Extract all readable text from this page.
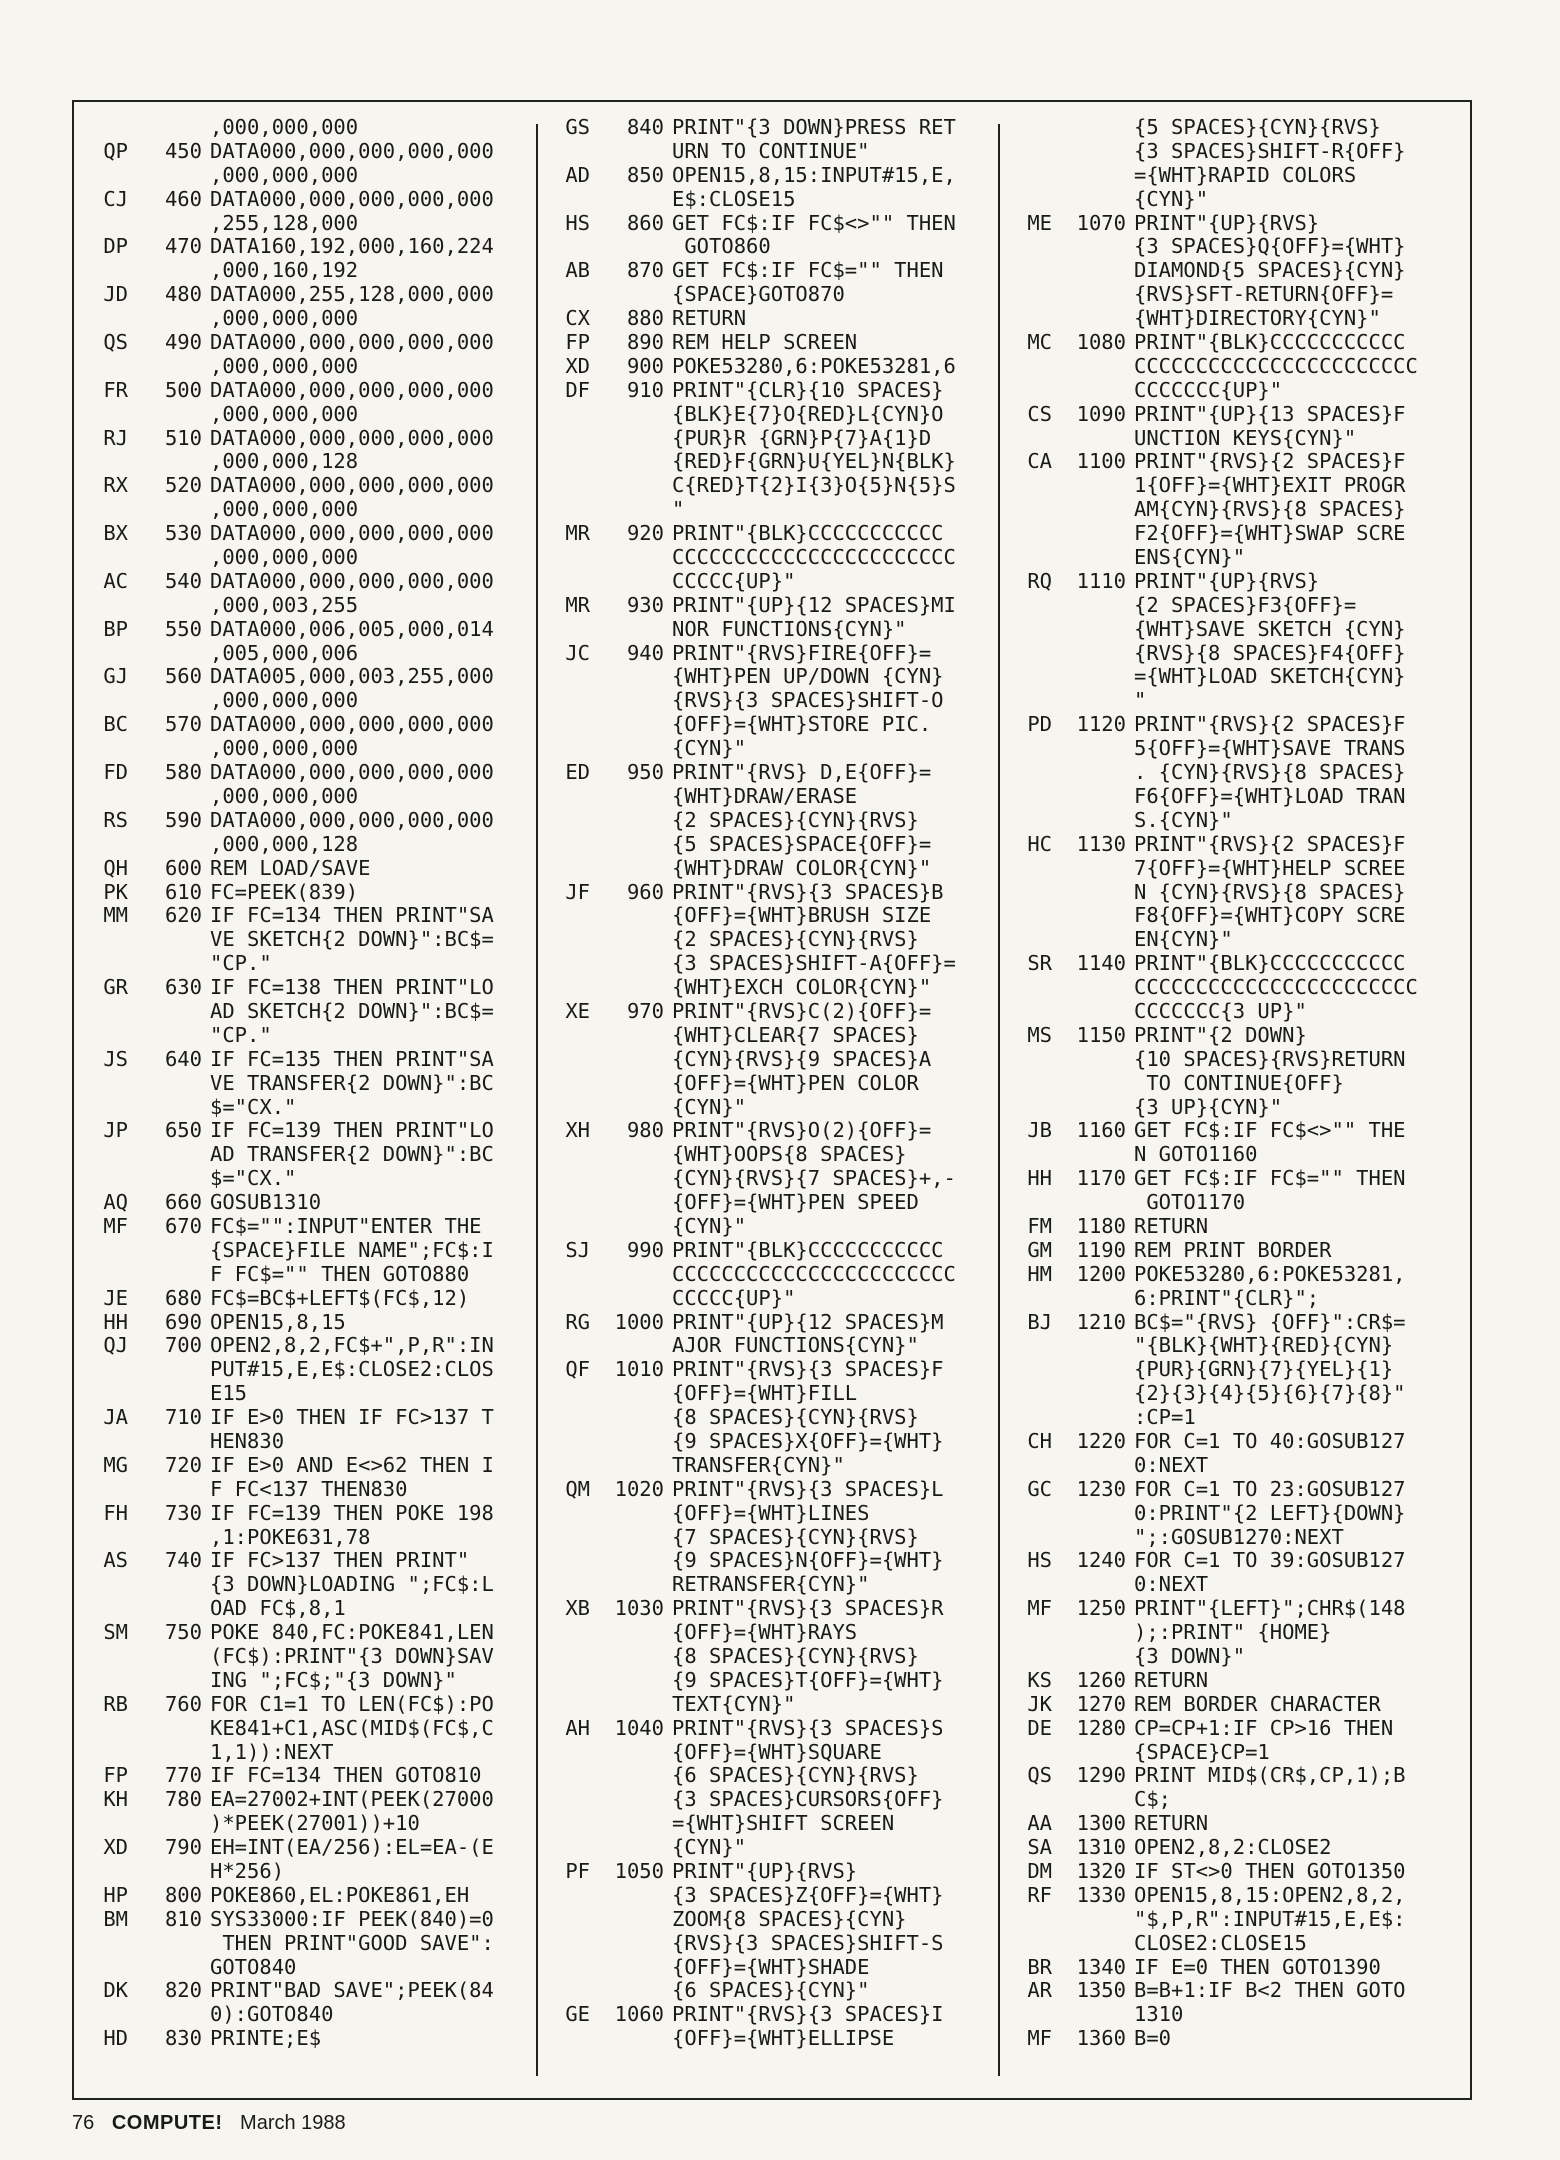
,000,000,000
QP	450 DATA000,000,000,000,000
,000,000,000
CJ	460 DATA000,000,000,000,000
,255,128,000
DP	470 DATA160,192,000,160,224
,000,160,192
JD	480 DATA000,255,128,000,000
,000,000,000
QS	490 DATA000,000,000,000,000
,000,000,000
FR	500 DATA000,000,000,000,000
,000,000,000
RJ	510 DATA000,000,000,000,000
,000,000,128
RX	520 DATA000,000,000,000,000
,000,000,000
BX	530 DATA000,000,000,000,000
,000,000,000
AC	540 DATA000,000,000,000,000
,000,003,255
BP	550 DATA000,006,005,000,014
,005,000,006
GJ	560 DATA005,000,003,255,000
,000,000,000
BC	570 DATA000,000,000,000,000
,000,000,000
FD	580 DATA000,000,000,000,000
,000,000,000
RS	590 DATA000,000,000,000,000
,000,000,128
QH	600 REM LOAD/SAVE
PK	610 FC=PEEK(839)
MM	620 IF FC=134 THEN PRINT"SA
VE SKETCH{2 DOWN}":BC$=
"CP."
GR	630 IF FC=138 THEN PRINT"LO
AD SKETCH{2 DOWN}":BC$=
"CP."
JS	640 IF FC=135 THEN PRINT"SA
VE TRANSFER{2 DOWN}":BC
$="CX."
JP	650 IF FC=139 THEN PRINT"LO
AD TRANSFER{2 DOWN}":BC
$="CX."
AQ	660 GOSUB1310
MF	670 FC$="":INPUT"ENTER THE
{SPACE}FILE NAME";FC$:I
F FC$="" THEN GOTO880
JE	680 FC$=BC$+LEFT$(FC$,12)
HH	690 OPEN15,8,15
QJ	700 OPEN2,8,2,FC$+",P,R":IN
PUT#15,E,E$:CLOSE2:CLOS
E15
JA	710 IF E>0 THEN IF FC>137 T
HEN830
MG	720 IF E>0 AND E<>62 THEN I
F FC<137 THEN830
FH	730 IF FC=139 THEN POKE 198
,1:POKE631,78
AS	740 IF FC>137 THEN PRINT"
{3 DOWN}LOADING ";FC$:L
OAD FC$,8,1
SM	750 POKE 840,FC:POKE841,LEN
(FC$):PRINT"{3 DOWN}SAV
ING ";FC$;"{3 DOWN}"
RB	760 FOR C1=1 TO LEN(FC$):PO
KE841+C1,ASC(MID$(FC$,C
1,1)):NEXT
FP	770 IF FC=134 THEN GOTO810
KH	780 EA=27002+INT(PEEK(27000
)*PEEK(27001))+10
XD	790 EH=INT(EA/256):EL=EA-(E
H*256)
HP	800 POKE860,EL:POKE861,EH
BM	810 SYS33000:IF PEEK(840)=0
THEN PRINT"GOOD SAVE":
GOTO840
DK	820 PRINT"BAD SAVE";PEEK(84
0):GOTO840
HD	830 PRINTE;E$
GS	840 PRINT"{3 DOWN}PRESS RET
URN TO CONTINUE"
AD	850 OPEN15,8,15:INPUT#15,E,
E$:CLOSE15
HS	860 GET FC$:IF FC$<>"" THEN
GOTO860
AB	870 GET FC$:IF FC$="" THEN
{SPACE}GOTO870
CX	880 RETURN
FP	890 REM HELP SCREEN
XD	900 POKE53280,6:POKE53281,6
DF	910 PRINT"{CLR}{10 SPACES}
{BLK}E{7}O{RED}L{CYN}O
{PUR}R {GRN}P{7}A{1}D
{RED}F{GRN}U{YEL}N{BLK}
C{RED}T{2}I{3}O{5}N{5}S
"
MR	920 PRINT"{BLK}CCCCCCCCCCC
CCCCCCCCCCCCCCCCCCCCCCC
CCCCC{UP}"
MR	930 PRINT"{UP}{12 SPACES}MI
NOR FUNCTIONS{CYN}"
JC	940 PRINT"{RVS}FIRE{OFF}=
{WHT}PEN UP/DOWN {CYN}
{RVS}{3 SPACES}SHIFT-O
{OFF}={WHT}STORE PIC.
{CYN}"
ED	950 PRINT"{RVS} D,E{OFF}=
{WHT}DRAW/ERASE
{2 SPACES}{CYN}{RVS}
{5 SPACES}SPACE{OFF}=
{WHT}DRAW COLOR{CYN}"
JF	960 PRINT"{RVS}{3 SPACES}B
{OFF}={WHT}BRUSH SIZE
{2 SPACES}{CYN}{RVS}
{3 SPACES}SHIFT-A{OFF}=
{WHT}EXCH COLOR{CYN}"
XE	970 PRINT"{RVS}C(2){OFF}=
{WHT}CLEAR{7 SPACES}
{CYN}{RVS}{9 SPACES}A
{OFF}={WHT}PEN COLOR
{CYN}"
XH	980 PRINT"{RVS}O(2){OFF}=
{WHT}OOPS{8 SPACES}
{CYN}{RVS}{7 SPACES}+,-
{OFF}={WHT}PEN SPEED
{CYN}"
SJ	990 PRINT"{BLK}CCCCCCCCCCC
CCCCCCCCCCCCCCCCCCCCCCC
CCCCC{UP}"
RG	1000 PRINT"{UP}{12 SPACES}M
AJOR FUNCTIONS{CYN}"
QF	1010 PRINT"{RVS}{3 SPACES}F
{OFF}={WHT}FILL
{8 SPACES}{CYN}{RVS}
{9 SPACES}X{OFF}={WHT}
TRANSFER{CYN}"
QM	1020 PRINT"{RVS}{3 SPACES}L
{OFF}={WHT}LINES
{7 SPACES}{CYN}{RVS}
{9 SPACES}N{OFF}={WHT}
RETRANSFER{CYN}"
XB	1030 PRINT"{RVS}{3 SPACES}R
{OFF}={WHT}RAYS
{8 SPACES}{CYN}{RVS}
{9 SPACES}T{OFF}={WHT}
TEXT{CYN}"
AH	1040 PRINT"{RVS}{3 SPACES}S
{OFF}={WHT}SQUARE
{6 SPACES}{CYN}{RVS}
{3 SPACES}CURSORS{OFF}
={WHT}SHIFT SCREEN
{CYN}"
PF	1050 PRINT"{UP}{RVS}
{3 SPACES}Z{OFF}={WHT}
ZOOM{8 SPACES}{CYN}
{RVS}{3 SPACES}SHIFT-S
{OFF}={WHT}SHADE
{6 SPACES}{CYN}"
GE	1060 PRINT"{RVS}{3 SPACES}I
{OFF}={WHT}ELLIPSE
{5 SPACES}{CYN}{RVS}
{3 SPACES}SHIFT-R{OFF}
={WHT}RAPID COLORS
{CYN}"
ME	1070 PRINT"{UP}{RVS}
{3 SPACES}Q{OFF}={WHT}
DIAMOND{5 SPACES}{CYN}
{RVS}SFT-RETURN{OFF}=
{WHT}DIRECTORY{CYN}"
MC	1080 PRINT"{BLK}CCCCCCCCCCC
CCCCCCCCCCCCCCCCCCCCCCC
CCCCCCC{UP}"
CS	1090 PRINT"{UP}{13 SPACES}F
UNCTION KEYS{CYN}"
CA	1100 PRINT"{RVS}{2 SPACES}F
1{OFF}={WHT}EXIT PROGR
AM{CYN}{RVS}{8 SPACES}
F2{OFF}={WHT}SWAP SCRE
ENS{CYN}"
RQ	1110 PRINT"{UP}{RVS}
{2 SPACES}F3{OFF}=
{WHT}SAVE SKETCH {CYN}
{RVS}{8 SPACES}F4{OFF}
={WHT}LOAD SKETCH{CYN}
"
PD	1120 PRINT"{RVS}{2 SPACES}F
5{OFF}={WHT}SAVE TRANS
. {CYN}{RVS}{8 SPACES}
F6{OFF}={WHT}LOAD TRAN
S.{CYN}"
HC	1130 PRINT"{RVS}{2 SPACES}F
7{OFF}={WHT}HELP SCREE
N {CYN}{RVS}{8 SPACES}
F8{OFF}={WHT}COPY SCRE
EN{CYN}"
SR	1140 PRINT"{BLK}CCCCCCCCCCC
CCCCCCCCCCCCCCCCCCCCCCC
CCCCCCC{3 UP}"
MS	1150 PRINT"{2 DOWN}
{10 SPACES}{RVS}RETURN
TO CONTINUE{OFF}
{3 UP}{CYN}"
JB	1160 GET FC$:IF FC$<>"" THE
N GOTO1160
HH	1170 GET FC$:IF FC$="" THEN
GOTO1170
FM	1180 RETURN
GM	1190 REM PRINT BORDER
HM	1200 POKE53280,6:POKE53281,
6:PRINT"{CLR}";
BJ	1210 BC$="{RVS} {OFF}":CR$=
"{BLK}{WHT}{RED}{CYN}
{PUR}{GRN}{7}{YEL}{1}
{2}{3}{4}{5}{6}{7}{8}"
:CP=1
CH	1220 FOR C=1 TO 40:GOSUB127
0:NEXT
GC	1230 FOR C=1 TO 23:GOSUB127
0:PRINT"{2 LEFT}{DOWN}
";:GOSUB1270:NEXT
HS	1240 FOR C=1 TO 39:GOSUB127
0:NEXT
MF	1250 PRINT"{LEFT}";CHR$(148
);:PRINT" {HOME}
{3 DOWN}"
KS	1260 RETURN
JK	1270 REM BORDER CHARACTER
DE	1280 CP=CP+1:IF CP>16 THEN
{SPACE}CP=1
QS	1290 PRINT MID$(CR$,CP,1);B
C$;
AA	1300 RETURN
SA	1310 OPEN2,8,2:CLOSE2
DM	1320 IF ST<>0 THEN GOTO1350
RF	1330 OPEN15,8,15:OPEN2,8,2,
"$,P,R":INPUT#15,E,E$:
CLOSE2:CLOSE15
BR	1340 IF E=0 THEN GOTO1390
AR	1350 B=B+1:IF B<2 THEN GOTO
1310
MF	1360 B=0
76 COMPUTE! March 1988
